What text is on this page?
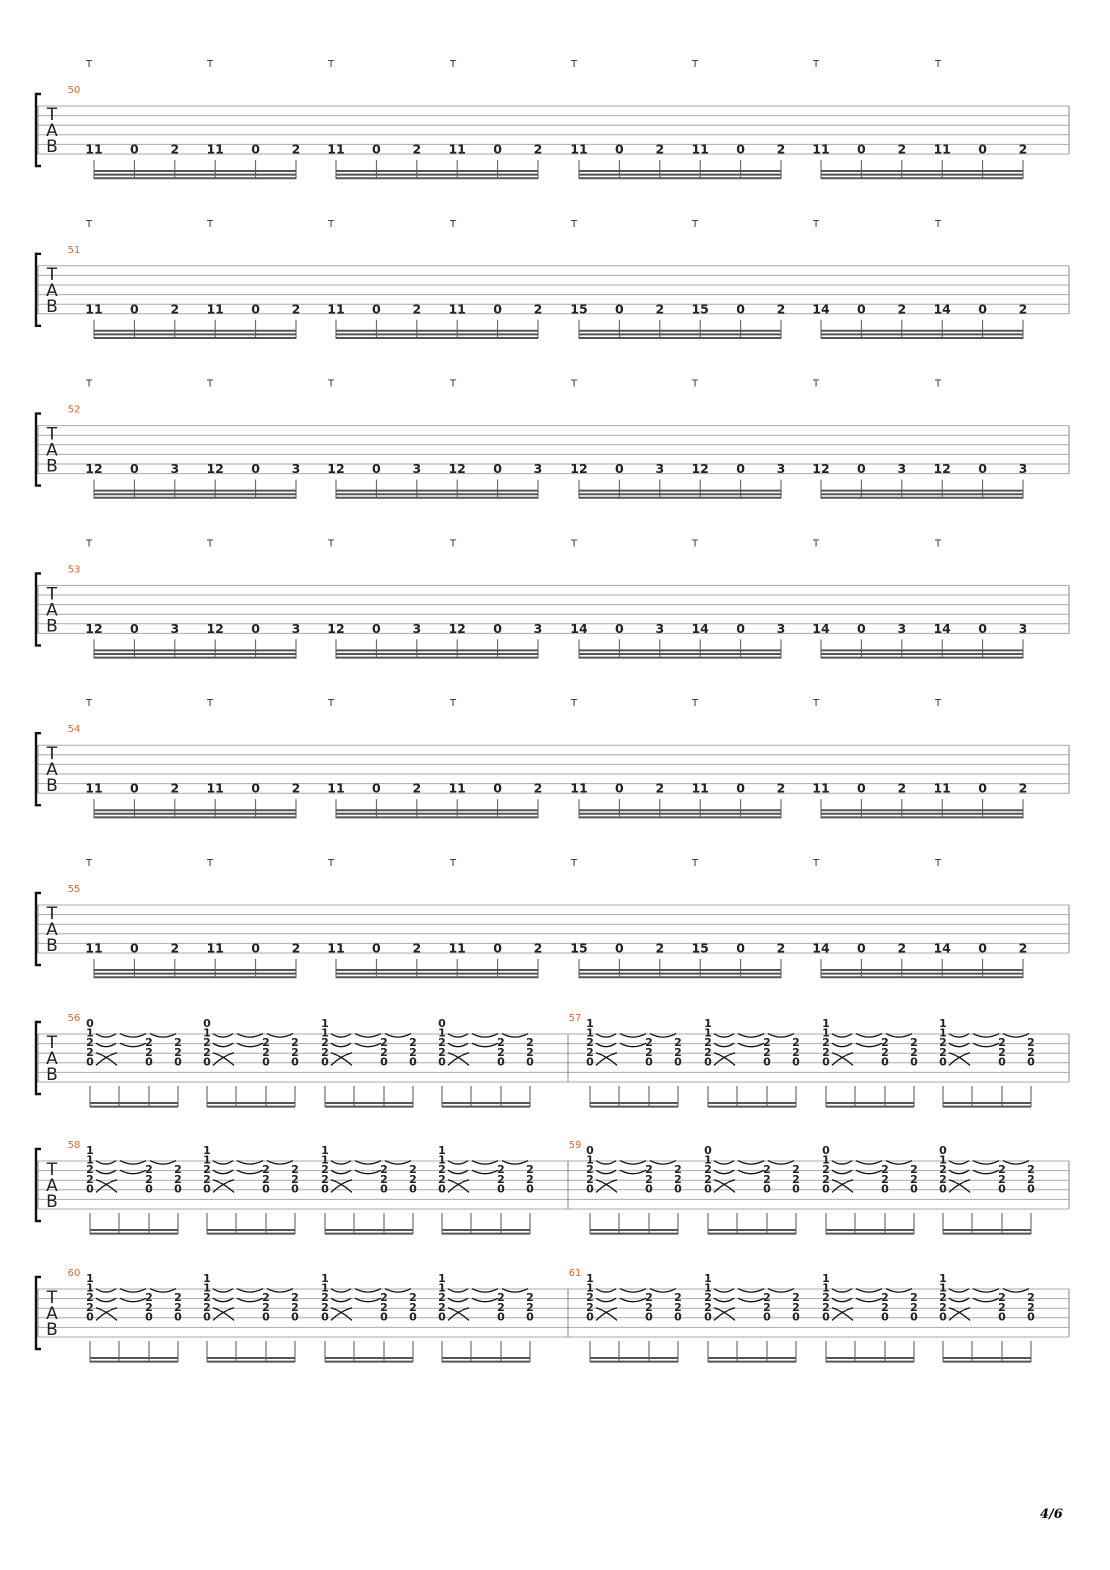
T
A
B
T	T	T	T	T	T	T	T
50
11 0	2 11 0	2 11 0	2 11 0	2 11 0	2 11 0	2 11 0	2 11 0	2
T
A
B
T	T	T	T	T	T	T	T
51
11 0	2 11 0	2 11 0	2 11 0	2 15 0	2 15 0	2 14 0	2 14 0	2
T
A
B
T	T	T	T	T	T	T	T
52
12 0	3 12 0	3 12 0	3 12 0	3 12 0	3 12 0	3 12 0	3 12 0	3
T
A
B
T	T	T	T	T	T	T	T
53
12 0	3 12 0	3 12 0	3 12 0	3 14 0	3 14 0	3 14 0	3 14 0	3
T
A
B
T	T	T	T	T	T	T	T
54
11 0	2 11 0	2 11 0	2 11 0	2 11 0	2 11 0	2 11 0	2 11 0	2
T
A
B
T	T	T	T	T	T	T	T
55
11 0	2 11 0	2 11 0	2 11 0	2 15 0	2 15 0	2 14 0	2 14 0	2
T
A
B
56 0
1
2
2
0
2
2
0
2
2
0
0
1
2
2
0
2
2
0
2
2
0
1
1
2
2
0
2
2
0
2
2
0
0
1
2
2
0
2
2
0
2
2
0
57 1
1
2
2
0
2
2
0
2
2
0
1
1
2
2
0
2
2
0
2
2
0
1
1
2
2
0
2
2
0
2
2
0
1
1
2
2
0
2
2
0
2
2
0
T
A
B
58 1
1
2
2
0
2
2
0
2
2
0
1
1
2
2
0
2
2
0
2
2
0
1
1
2
2
0
2
2
0
2
2
0
1
1
2
2
0
2
2
0
2
2
0
59 0
1
2
2
0
2
2
0
2
2
0
0
1
2
2
0
2
2
0
2
2
0
0
1
2
2
0
2
2
0
2
2
0
0
1
2
2
0
2
2
0
2
2
0
T
A
B
60 1
1
2
2
0
2
2
0
2
2
0
1
1
2
2
0
2
2
0
2
2
0
1
1
2
2
0
2
2
0
2
2
0
1
1
2
2
0
2
2
0
2
2
0
61 1
1
2
2
0
2
2
0
2
2
0
1
1
2
2
0
2
2
0
2
2
0
1
1
2
2
0
2
2
0
2
2
0
1
1
2
2
0
2
2
0
2
2
0
4/6
